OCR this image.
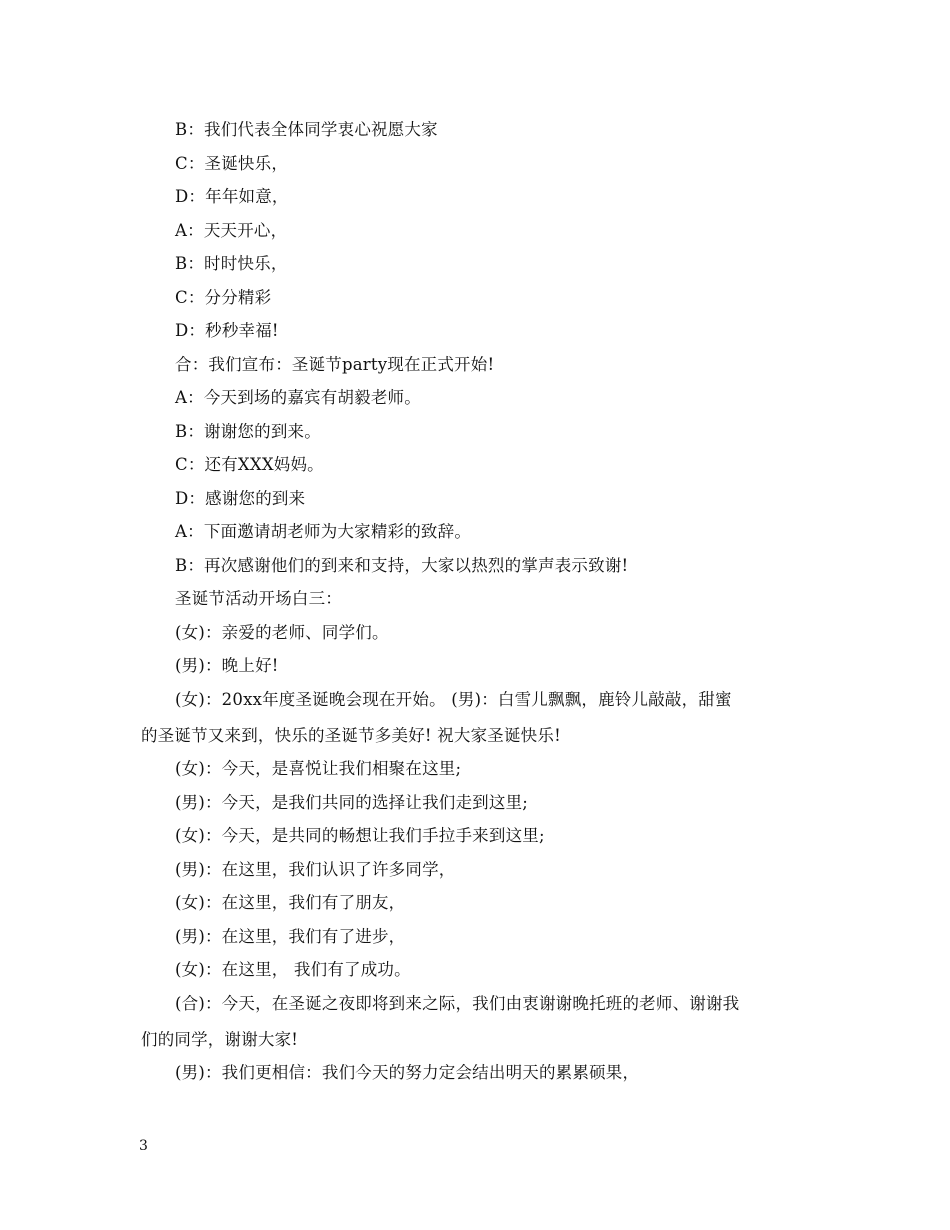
B：我们代表全体同学衷心祝愿大家
C：圣诞快乐，
D：年年如意，
A：天天开心，
B：时时快乐，
C：分分精彩
D：秒秒幸福!
合：我们宣布：圣诞节party现在正式开始!
A：今天到场的嘉宾有胡毅老师。
B：谢谢您的到来。
C：还有XXX妈妈。
D：感谢您的到来
A：下面邀请胡老师为大家精彩的致辞。
B：再次感谢他们的到来和支持，大家以热烈的掌声表示致谢!
圣诞节活动开场白三：
(女)：亲爱的老师、同学们。
(男)：晚上好!
(女)：20xx年度圣诞晚会现在开始。 (男)：白雪儿飘飘，鹿铃儿敲敲，甜蜜
的圣诞节又来到，快乐的圣诞节多美好! 祝大家圣诞快乐!
(女)：今天，是喜悦让我们相聚在这里;
(男)：今天，是我们共同的选择让我们走到这里;
(女)：今天，是共同的畅想让我们手拉手来到这里;
(男)：在这里，我们认识了许多同学，
(女)：在这里，我们有了朋友，
(男)：在这里，我们有了进步，
(女)：在这里， 我们有了成功。
(合)：今天，在圣诞之夜即将到来之际，我们由衷谢谢晚托班的老师、谢谢我
们的同学，谢谢大家!
(男)：我们更相信：我们今天的努力定会结出明天的累累硕果，
3
